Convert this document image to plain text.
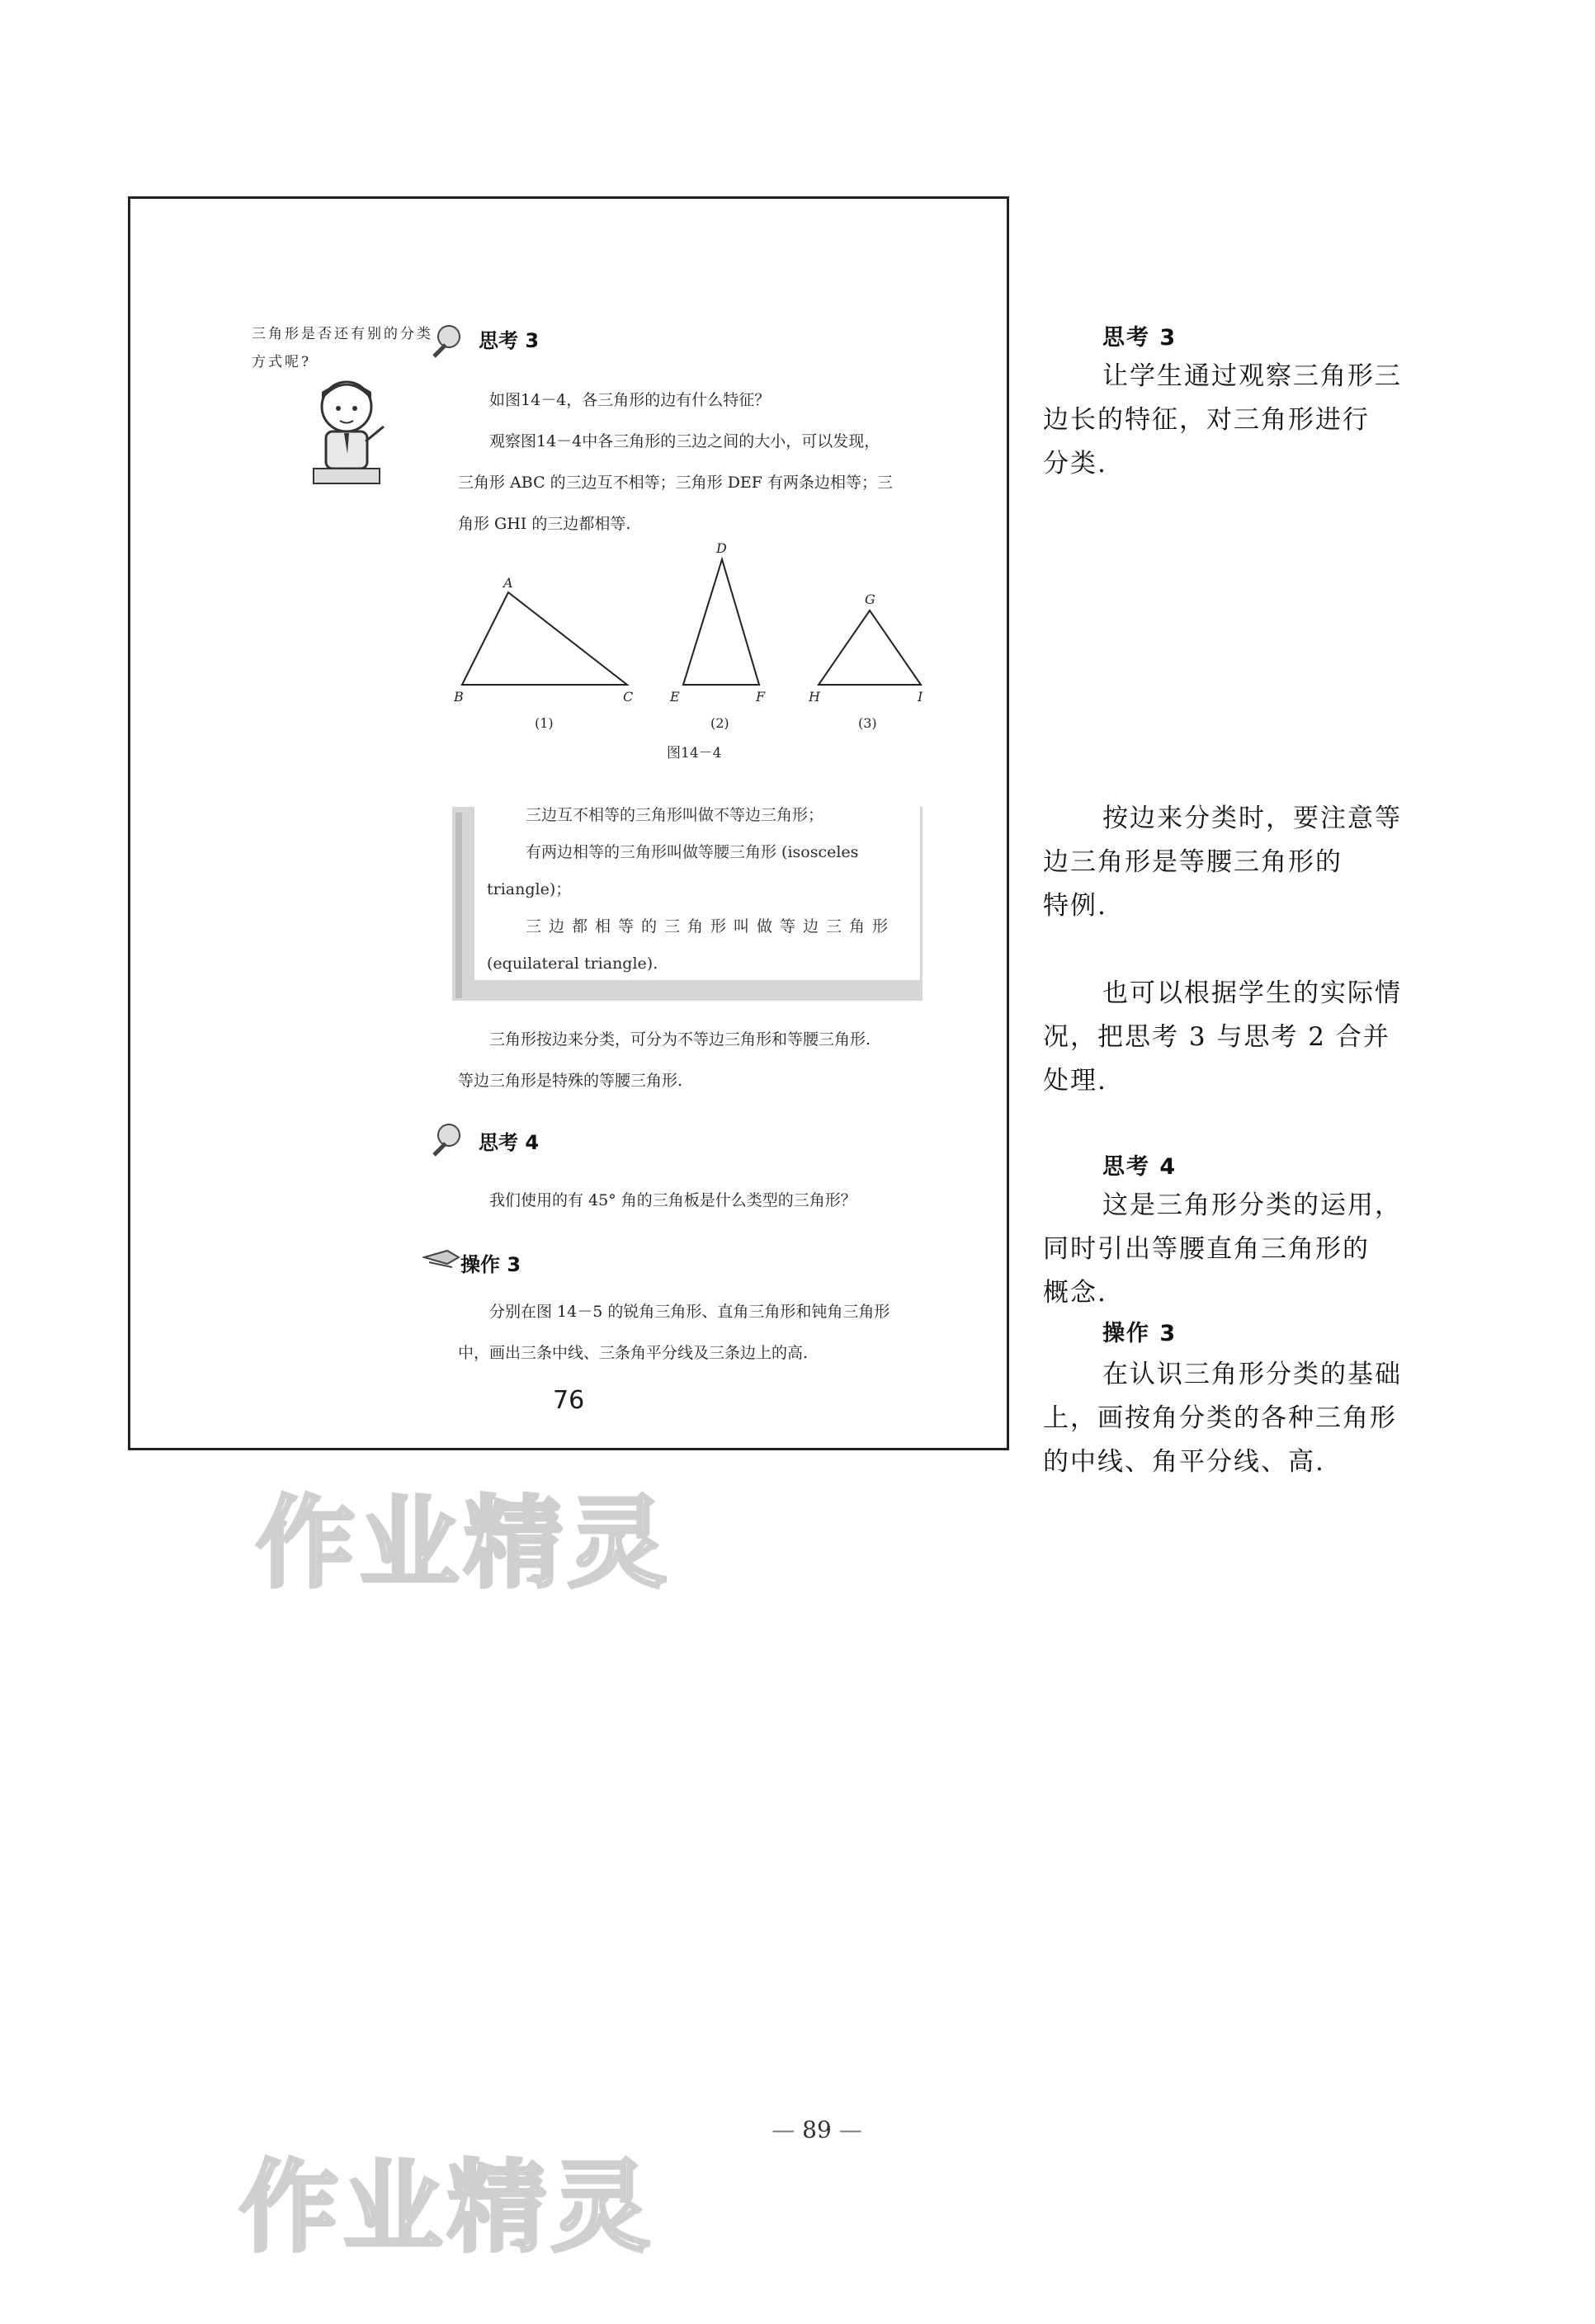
三角形是否还有别的分类方式呢?
思考 3

如图14－4，各三角形的边有什么特征？

观察图14－4中各三角形的三边之间的大小，可以发现，

三角形 ABC 的三边互不相等；三角形 DEF 有两条边相等；三

角形 GHI 的三边都相等.

A
B	C
(1)
D
E	F
(2)
G
H	I
(3)
图14－4

三边互不相等的三角形叫做不等边三角形；

有两边相等的三角形叫做等腰三角形 (isosceles

triangle)；

三边都相等的三角形叫做等边三角形

(equilateral triangle).

三角形按边来分类，可分为不等边三角形和等腰三角形.

等边三角形是特殊的等腰三角形.

思考 4

我们使用的有 45° 角的三角板是什么类型的三角形？

操作 3

分别在图 14－5 的锐角三角形、直角三角形和钝角三角形

中，画出三条中线、三条角平分线及三条边上的高.

76

思考 3

让学生通过观察三角形三

边长的特征，对三角形进行

分类.

按边来分类时，要注意等

边三角形是等腰三角形的

特例.

也可以根据学生的实际情

况，把思考 3 与思考 2 合并

处理.

思考 4

这是三角形分类的运用，

同时引出等腰直角三角形的

概念.

操作 3

在认识三角形分类的基础

上，画按角分类的各种三角形

的中线、角平分线、高.

作业精灵
作业精灵
— 89 —
